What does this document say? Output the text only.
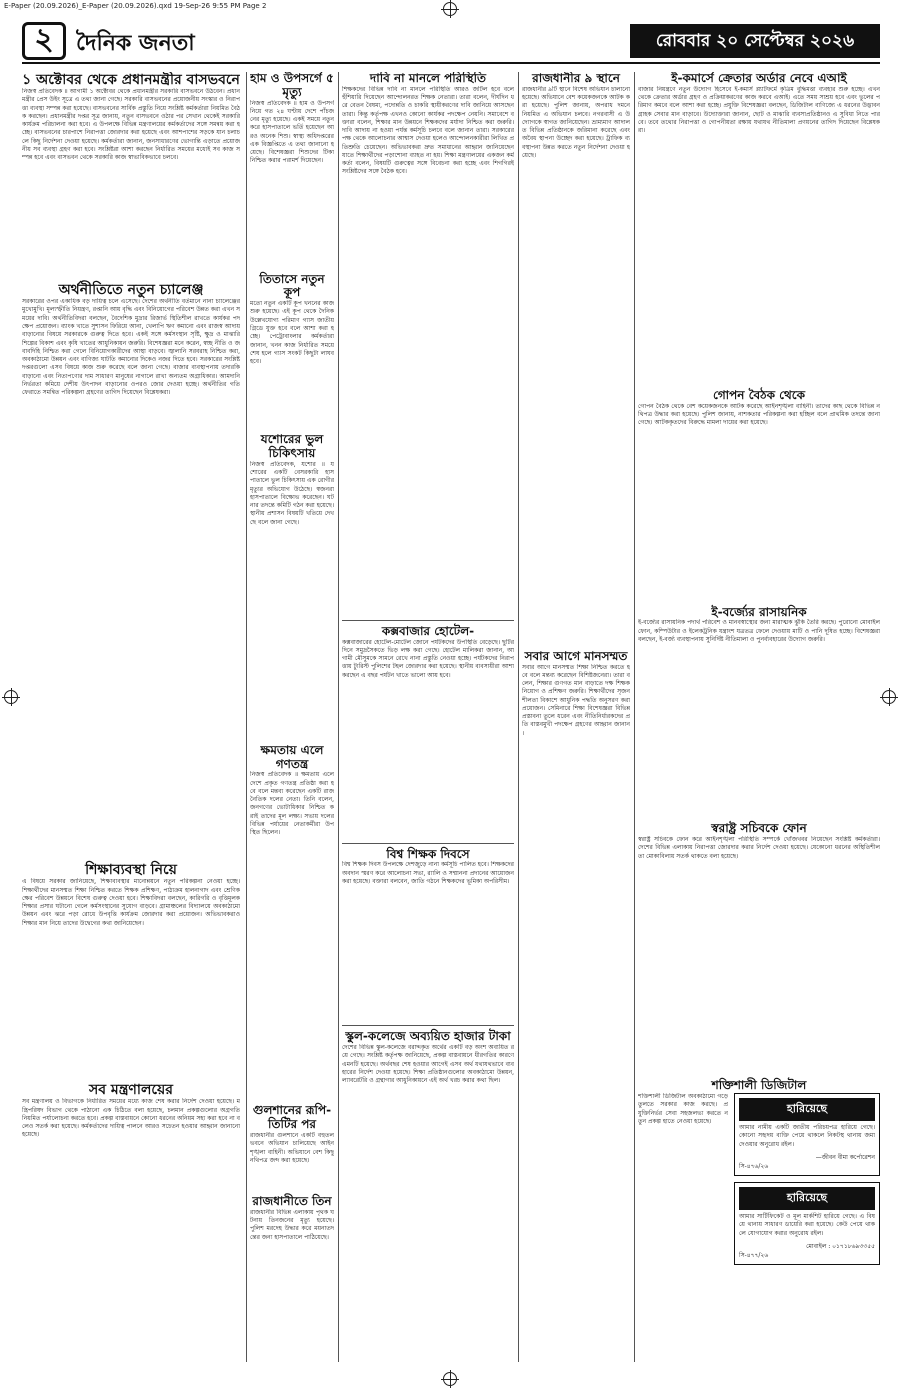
E-Paper (20.09.2026)_E-Paper (20.09.2026).qxd 19-Sep-26 9:55 PM Page 2
২	দৈনিক জনতা	রোববার ২০ সেপ্টেম্বর ২০২৬
১ অক্টোবর থেকে প্রধানমন্ত্রীর বাসভবনে
নিজস্ব প্রতিবেদক ॥ আগামী ১ অক্টোবর থেকে প্রধানমন্ত্রীর সরকারি বাসভবনে উঠবেন। প্রধানমন্ত্রীর প্রেস উইং সূত্রে এ তথ্য জানা গেছে। সরকারি বাসভবনের প্রয়োজনীয় সংস্কার ও নিরাপত্তা ব্যবস্থা সম্পন্ন করা হয়েছে। বাসভবনের সার্বিক প্রস্তুতি নিয়ে সংশ্লিষ্ট কর্মকর্তারা নিয়মিত বৈঠক করছেন। প্রধানমন্ত্রীর দপ্তর সূত্র জানায়, নতুন বাসভবনে ওঠার পর সেখান থেকেই সরকারি কার্যক্রম পরিচালনা করা হবে। এ উপলক্ষে বিভিন্ন মন্ত্রণালয়ের কর্মকর্তাদের সঙ্গে সমন্বয় করা হচ্ছে। বাসভবনের চারপাশে নিরাপত্তা জোরদার করা হয়েছে এবং আশপাশের সড়কে যান চলাচলে কিছু নির্দেশনা দেওয়া হয়েছে। কর্মকর্তারা জানান, জনসাধারণের ভোগান্তি এড়াতে প্রয়োজনীয় সব ব্যবস্থা গ্রহণ করা হবে। সংশ্লিষ্টরা আশা করছেন নির্ধারিত সময়ের মধ্যেই সব কাজ সম্পন্ন হবে এবং বাসভবন থেকে সরকারি কাজ স্বাভাবিকভাবে চলবে।
অর্থনীতিতে নতুন চ্যালেঞ্জ
সরকারের ওপর একাধিক বড় দায়িত্ব চলে এসেছে। দেশের অর্থনীতি বর্তমানে নানা চ্যালেঞ্জের মুখোমুখি। মূল্যস্ফীতি নিয়ন্ত্রণ, রপ্তানি আয় বৃদ্ধি এবং বিনিয়োগের পরিবেশ উন্নত করা এখন সময়ের দাবি। অর্থনীতিবিদরা বলছেন, বৈদেশিক মুদ্রার রিজার্ভ স্থিতিশীল রাখতে কার্যকর পদক্ষেপ প্রয়োজন। ব্যাংক খাতে সুশাসন ফিরিয়ে আনা, খেলাপি ঋণ কমানো এবং রাজস্ব আদায় বাড়ানোর বিষয়ে সরকারকে গুরুত্ব দিতে হবে। একই সঙ্গে কর্মসংস্থান সৃষ্টি, ক্ষুদ্র ও মাঝারি শিল্পের বিকাশ এবং কৃষি খাতের আধুনিকায়ন জরুরি। বিশেষজ্ঞরা মনে করেন, স্বচ্ছ নীতি ও জবাবদিহি নিশ্চিত করা গেলে বিনিয়োগকারীদের আস্থা বাড়বে। জ্বালানি সরবরাহ নিশ্চিত করা, অবকাঠামো উন্নয়ন এবং বাণিজ্য ঘাটতি কমানোর দিকেও নজর দিতে হবে। সরকারের সংশ্লিষ্ট দপ্তরগুলো এসব বিষয়ে কাজ শুরু করেছে বলে জানা গেছে। বাজার ব্যবস্থাপনায় তদারকি বাড়ানো এবং নিত্যপণ্যের দাম সাধারণ মানুষের নাগালে রাখা অন্যতম অগ্রাধিকার। আমদানি নির্ভরতা কমিয়ে দেশীয় উৎপাদন বাড়ানোর ওপরও জোর দেওয়া হচ্ছে। অর্থনীতির গতি ফেরাতে সমন্বিত পরিকল্পনা গ্রহণের তাগিদ দিয়েছেন বিশ্লেষকরা।
শিক্ষাব্যবস্থা নিয়ে
এ বিষয়ে সরকার জানিয়েছে, শিক্ষাব্যবস্থার মানোন্নয়নে নতুন পরিকল্পনা নেওয়া হচ্ছে। শিক্ষার্থীদের মানসম্মত শিক্ষা নিশ্চিত করতে শিক্ষক প্রশিক্ষণ, পাঠ্যক্রম হালনাগাদ এবং শ্রেণিকক্ষের পরিবেশ উন্নয়নে বিশেষ গুরুত্ব দেওয়া হবে। শিক্ষাবিদরা বলছেন, কারিগরি ও বৃত্তিমূলক শিক্ষার প্রসার ঘটানো গেলে কর্মসংস্থানের সুযোগ বাড়বে। গ্রামাঞ্চলের বিদ্যালয়ে অবকাঠামো উন্নয়ন এবং ঝরে পড়া রোধে উপবৃত্তি কার্যক্রম জোরদার করা প্রয়োজন। অভিভাবকরাও শিক্ষার মান নিয়ে তাদের উদ্বেগের কথা জানিয়েছেন।
সব মন্ত্রণালয়ের
সব মন্ত্রণালয় ও বিভাগকে নির্ধারিত সময়ের মধ্যে কাজ শেষ করার নির্দেশ দেওয়া হয়েছে। মন্ত্রিপরিষদ বিভাগ থেকে পাঠানো এক চিঠিতে বলা হয়েছে, চলমান প্রকল্পগুলোর অগ্রগতি নিয়মিত পর্যালোচনা করতে হবে। প্রকল্প বাস্তবায়নে কোনো ধরনের অনিয়ম সহ্য করা হবে না বলেও সতর্ক করা হয়েছে। কর্মকর্তাদের দায়িত্ব পালনে আরও সচেতন হওয়ার আহ্বান জানানো হয়েছে।
হাম ও উপসর্গে ৫ মৃত্যু
নিজস্ব প্রতিবেদক ॥ হাম ও উপসর্গ নিয়ে গত ২৪ ঘণ্টায় দেশে পাঁচজনের মৃত্যু হয়েছে। একই সময়ে নতুন করে হাসপাতালে ভর্তি হয়েছেন আরও অনেক শিশু। স্বাস্থ্য অধিদপ্তরের এক বিজ্ঞপ্তিতে এ তথ্য জানানো হয়েছে। বিশেষজ্ঞরা শিশুদের টিকা নিশ্চিত করার পরামর্শ দিয়েছেন।
তিতাসে নতুন কূপ
মতো নতুন একটি কূপ খননের কাজ শুরু হয়েছে। এই কূপ থেকে দৈনিক উল্লেখযোগ্য পরিমাণ গ্যাস জাতীয় গ্রিডে যুক্ত হবে বলে আশা করা হচ্ছে। পেট্রোবাংলার কর্মকর্তারা জানান, খনন কাজ নির্ধারিত সময়ে শেষ হলে গ্যাস সংকট কিছুটা লাঘব হবে।
যশোরের ভুল চিকিৎসায়
নিজস্ব প্রতিবেদক, যশোর ॥ যশোরের একটি বেসরকারি হাসপাতালে ভুল চিকিৎসায় এক রোগীর মৃত্যুর অভিযোগ উঠেছে। স্বজনরা হাসপাতালে বিক্ষোভ করেছেন। ঘটনার তদন্তে কমিটি গঠন করা হয়েছে। স্থানীয় প্রশাসন বিষয়টি খতিয়ে দেখছে বলে জানা গেছে।
ক্ষমতায় এলে গণতন্ত্র
নিজস্ব প্রতিবেদক ॥ ক্ষমতায় এলে দেশে প্রকৃত গণতন্ত্র প্রতিষ্ঠা করা হবে বলে মন্তব্য করেছেন একটি রাজনৈতিক দলের নেতা। তিনি বলেন, জনগণের ভোটাধিকার নিশ্চিত করাই তাদের মূল লক্ষ্য। সভায় দলের বিভিন্ন পর্যায়ের নেতাকর্মীরা উপস্থিত ছিলেন।
গুলশানের রূপি-তিটির পর
রাজধানীর গুলশানে একটি বহুতল ভবনে অভিযান চালিয়েছে আইনশৃঙ্খলা বাহিনী। অভিযানে বেশ কিছু নথিপত্র জব্দ করা হয়েছে।
রাজধানীতে তিন
রাজধানীর বিভিন্ন এলাকায় পৃথক ঘটনায় তিনজনের মৃত্যু হয়েছে। পুলিশ মরদেহ উদ্ধার করে ময়নাতদন্তের জন্য হাসপাতালে পাঠিয়েছে।
দাবি না মানলে পরিস্থিতি
শিক্ষকদের বিভিন্ন দাবি না মানলে পরিস্থিতি আরও জটিল হবে বলে হুঁশিয়ারি দিয়েছেন আন্দোলনরত শিক্ষক নেতারা। তারা বলেন, দীর্ঘদিন ধরে বেতন বৈষম্য, পদোন্নতি ও চাকরি স্থায়ীকরণের দাবি জানিয়ে আসছেন তারা। কিন্তু কর্তৃপক্ষ এখনও কোনো কার্যকর পদক্ষেপ নেয়নি। সমাবেশে বক্তারা বলেন, শিক্ষার মান উন্নয়নে শিক্ষকদের মর্যাদা নিশ্চিত করা জরুরি। দাবি আদায় না হওয়া পর্যন্ত কর্মসূচি চলবে বলে জানান তারা। সরকারের পক্ষ থেকে আলোচনার আশ্বাস দেওয়া হলেও আন্দোলনকারীরা লিখিত প্রতিশ্রুতি চেয়েছেন। অভিভাবকরা দ্রুত সমাধানের আহ্বান জানিয়েছেন যাতে শিক্ষার্থীদের পড়াশোনা ব্যাহত না হয়। শিক্ষা মন্ত্রণালয়ের একজন কর্মকর্তা বলেন, বিষয়টি গুরুত্বের সঙ্গে বিবেচনা করা হচ্ছে এবং শিগগিরই সংশ্লিষ্টদের সঙ্গে বৈঠক হবে।
কক্সবাজার হোটেল-
কক্সবাজারের হোটেল-মোটেল জোনে পর্যটকদের উপস্থিতি বেড়েছে। ছুটির দিনে সমুদ্রসৈকতে ভিড় লক্ষ করা গেছে। হোটেল মালিকরা জানান, আগামী মৌসুমকে সামনে রেখে নানা প্রস্তুতি নেওয়া হচ্ছে। পর্যটকদের নিরাপত্তায় ট্যুরিস্ট পুলিশের টহল জোরদার করা হয়েছে। স্থানীয় ব্যবসায়ীরা আশা করছেন এ বছর পর্যটন খাতে ভালো আয় হবে।
বিশ্ব শিক্ষক দিবসে
বিশ্ব শিক্ষক দিবস উপলক্ষে দেশজুড়ে নানা কর্মসূচি পালিত হবে। শিক্ষকদের অবদান স্মরণ করে আলোচনা সভা, র‍্যালি ও সম্মাননা প্রদানের আয়োজন করা হয়েছে। বক্তারা বলবেন, জাতি গঠনে শিক্ষকদের ভূমিকা অপরিসীম।
স্কুল-কলেজে অব্যয়িত হাজার টাকা
দেশের বিভিন্ন স্কুল-কলেজে বরাদ্দকৃত অর্থের একটি বড় অংশ অব্যয়িত রয়ে গেছে। সংশ্লিষ্ট কর্তৃপক্ষ জানিয়েছে, প্রকল্প বাস্তবায়নে ধীরগতির কারণে এমনটি হয়েছে। অর্থবছর শেষ হওয়ার আগেই এসব অর্থ যথাযথভাবে ব্যবহারের নির্দেশ দেওয়া হয়েছে। শিক্ষা প্রতিষ্ঠানগুলোর অবকাঠামো উন্নয়ন, ল্যাবরেটরি ও গ্রন্থাগার আধুনিকায়নে এই অর্থ খরচ করার কথা ছিল।
রাজধানীর ৯ স্থানে
রাজধানীর ৯টি স্থানে বিশেষ অভিযান চালানো হয়েছে। অভিযানে বেশ কয়েকজনকে আটক করা হয়েছে। পুলিশ জানায়, অপরাধ দমনে নিয়মিত এ অভিযান চলবে। নগরবাসী এ উদ্যোগকে স্বাগত জানিয়েছেন। ভ্রাম্যমাণ আদালত বিভিন্ন প্রতিষ্ঠানকে জরিমানা করেছে এবং অবৈধ স্থাপনা উচ্ছেদ করা হয়েছে। ট্রাফিক ব্যবস্থাপনা উন্নত করতে নতুন নির্দেশনা দেওয়া হয়েছে।
সবার আগে মানসম্মত
সবার আগে মানসম্মত শিক্ষা নিশ্চিত করতে হবে বলে মন্তব্য করেছেন বিশিষ্টজনেরা। তারা বলেন, শিক্ষার গুণগত মান বাড়াতে দক্ষ শিক্ষক নিয়োগ ও প্রশিক্ষণ জরুরি। শিক্ষার্থীদের সৃজনশীলতা বিকাশে আধুনিক পদ্ধতি অনুসরণ করা প্রয়োজন। সেমিনারে শিক্ষা বিশেষজ্ঞরা বিভিন্ন প্রস্তাবনা তুলে ধরেন এবং নীতিনির্ধারকদের প্রতি বাস্তবমুখী পদক্ষেপ গ্রহণের আহ্বান জানান।
ই-কমার্সে ক্রেতার অর্ডার নেবে এআই
বাজার নিয়ন্ত্রণে নতুন উদ্যোগ হিসেবে ই-কমার্স প্ল্যাটফর্মে কৃত্রিম বুদ্ধিমত্তা ব্যবহার শুরু হচ্ছে। এখন থেকে ক্রেতার অর্ডার গ্রহণ ও প্রক্রিয়াকরণের কাজ করবে এআই। এতে সময় সাশ্রয় হবে এবং ভুলের পরিমাণ কমবে বলে আশা করা হচ্ছে। প্রযুক্তি বিশেষজ্ঞরা বলছেন, ডিজিটাল বাণিজ্যে এ ধরনের উদ্ভাবন গ্রাহক সেবার মান বাড়াবে। উদ্যোক্তারা জানান, ছোট ও মাঝারি ব্যবসাপ্রতিষ্ঠানও এ সুবিধা নিতে পারবে। তবে তথ্যের নিরাপত্তা ও গোপনীয়তা রক্ষায় যথাযথ নীতিমালা প্রণয়নের তাগিদ দিয়েছেন বিশ্লেষকরা।
গোপন বৈঠক থেকে
গোপন বৈঠক থেকে বেশ কয়েকজনকে আটক করেছে আইনশৃঙ্খলা বাহিনী। তাদের কাছ থেকে বিভিন্ন নথিপত্র উদ্ধার করা হয়েছে। পুলিশ জানায়, নাশকতার পরিকল্পনা করা হচ্ছিল বলে প্রাথমিক তদন্তে জানা গেছে। আটককৃতদের বিরুদ্ধে মামলা দায়ের করা হয়েছে।
ই-বর্জ্যের রাসায়নিক
ই-বর্জ্যের রাসায়নিক পদার্থ পরিবেশ ও মানবস্বাস্থ্যের জন্য মারাত্মক ঝুঁকি তৈরি করছে। পুরোনো মোবাইল ফোন, কম্পিউটার ও ইলেকট্রনিক যন্ত্রাংশ যত্রতত্র ফেলে দেওয়ায় মাটি ও পানি দূষিত হচ্ছে। বিশেষজ্ঞরা বলছেন, ই-বর্জ্য ব্যবস্থাপনায় সুনির্দিষ্ট নীতিমালা ও পুনর্ব্যবহারের উদ্যোগ জরুরি।
স্বরাষ্ট্র সচিবকে ফোন
স্বরাষ্ট্র সচিবকে ফোন করে আইনশৃঙ্খলা পরিস্থিতি সম্পর্কে খোঁজখবর নিয়েছেন সংশ্লিষ্ট কর্মকর্তারা। দেশের বিভিন্ন এলাকায় নিরাপত্তা জোরদার করার নির্দেশ দেওয়া হয়েছে। যেকোনো ধরনের অস্থিতিশীলতা মোকাবিলায় সতর্ক থাকতে বলা হয়েছে।
শক্তিশালী ডিজিটাল
শক্তিশালী ডিজিটাল অবকাঠামো গড়ে তুলতে সরকার কাজ করছে। প্রযুক্তিনির্ভর সেবা সহজলভ্য করতে নতুন প্রকল্প হাতে নেওয়া হয়েছে।
হারিয়েছে
আমার নামীয় একটি জাতীয় পরিচয়পত্র হারিয়ে গেছে। কোনো সহৃদয় ব্যক্তি পেয়ে থাকলে নিকটস্থ থানায় জমা দেওয়ার অনুরোধ রইল।
—জীবন বীমা কর্পোরেশন
সি-৪৭৬/২৬
হারিয়েছে
আমার সার্টিফিকেট ও মূল মার্কশিট হারিয়ে গেছে। এ বিষয়ে থানায় সাধারণ ডায়েরি করা হয়েছে। কেউ পেয়ে থাকলে যোগাযোগ করার অনুরোধ রইল।
মোবাইল : ০১৭১৮৬৯৩৩৫৫
সি-৪৭৭/২৬
